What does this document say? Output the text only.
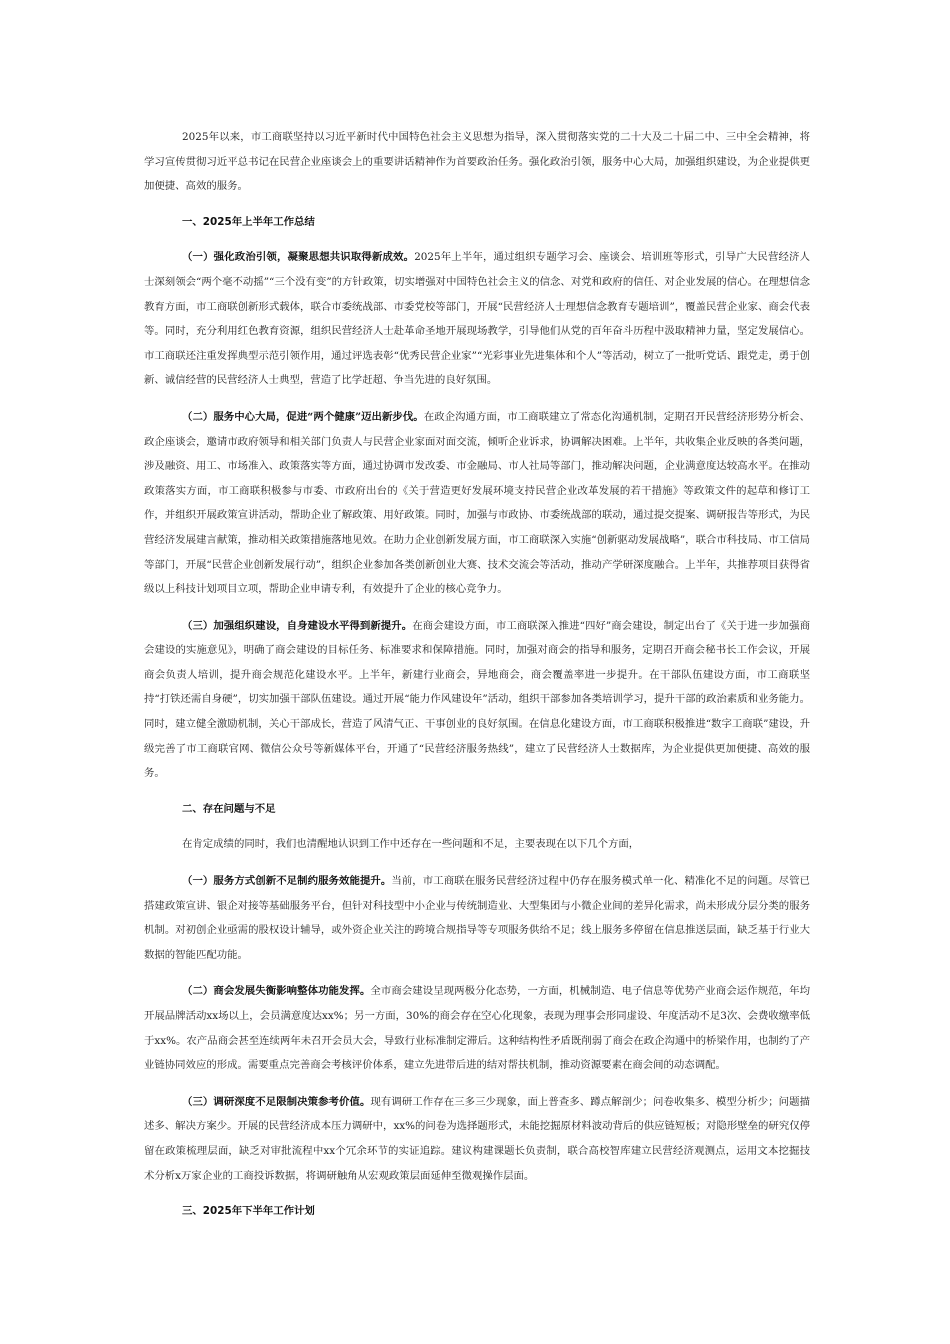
2025年以来，市工商联坚持以习近平新时代中国特色社会主义思想为指导，深入贯彻落实党的二十大及二十届二中、三中全会精神，将学习宣传贯彻习近平总书记在民营企业座谈会上的重要讲话精神作为首要政治任务。强化政治引领，服务中心大局，加强组织建设，为企业提供更加便捷、高效的服务。

一、2025年上半年工作总结

（一）强化政治引领，凝聚思想共识取得新成效。2025年上半年，通过组织专题学习会、座谈会、培训班等形式，引导广大民营经济人士深刻领会“两个毫不动摇”“三个没有变”的方针政策，切实增强对中国特色社会主义的信念、对党和政府的信任、对企业发展的信心。在理想信念教育方面，市工商联创新形式载体，联合市委统战部、市委党校等部门，开展“民营经济人士理想信念教育专题培训”，覆盖民营企业家、商会代表等。同时，充分利用红色教育资源，组织民营经济人士赴革命圣地开展现场教学，引导他们从党的百年奋斗历程中汲取精神力量，坚定发展信心。市工商联还注重发挥典型示范引领作用，通过评选表彰“优秀民营企业家”“光彩事业先进集体和个人”等活动，树立了一批听党话、跟党走，勇于创新、诚信经营的民营经济人士典型，营造了比学赶超、争当先进的良好氛围。

（二）服务中心大局，促进“两个健康”迈出新步伐。在政企沟通方面，市工商联建立了常态化沟通机制，定期召开民营经济形势分析会、政企座谈会，邀请市政府领导和相关部门负责人与民营企业家面对面交流，倾听企业诉求，协调解决困难。上半年，共收集企业反映的各类问题，涉及融资、用工、市场准入、政策落实等方面，通过协调市发改委、市金融局、市人社局等部门，推动解决问题，企业满意度达较高水平。在推动政策落实方面，市工商联积极参与市委、市政府出台的《关于营造更好发展环境支持民营企业改革发展的若干措施》等政策文件的起草和修订工作，并组织开展政策宣讲活动，帮助企业了解政策、用好政策。同时，加强与市政协、市委统战部的联动，通过提交提案、调研报告等形式，为民营经济发展建言献策，推动相关政策措施落地见效。在助力企业创新发展方面，市工商联深入实施“创新驱动发展战略”，联合市科技局、市工信局等部门，开展“民营企业创新发展行动”，组织企业参加各类创新创业大赛、技术交流会等活动，推动产学研深度融合。上半年，共推荐项目获得省级以上科技计划项目立项，帮助企业申请专利，有效提升了企业的核心竞争力。

（三）加强组织建设，自身建设水平得到新提升。在商会建设方面，市工商联深入推进“四好”商会建设，制定出台了《关于进一步加强商会建设的实施意见》，明确了商会建设的目标任务、标准要求和保障措施。同时，加强对商会的指导和服务，定期召开商会秘书长工作会议，开展商会负责人培训，提升商会规范化建设水平。上半年，新建行业商会，异地商会，商会覆盖率进一步提升。在干部队伍建设方面，市工商联坚持“打铁还需自身硬”，切实加强干部队伍建设。通过开展“能力作风建设年”活动，组织干部参加各类培训学习，提升干部的政治素质和业务能力。同时，建立健全激励机制，关心干部成长，营造了风清气正、干事创业的良好氛围。在信息化建设方面，市工商联积极推进“数字工商联”建设，升级完善了市工商联官网、微信公众号等新媒体平台，开通了“民营经济服务热线”，建立了民营经济人士数据库，为企业提供更加便捷、高效的服务。

二、存在问题与不足

在肯定成绩的同时，我们也清醒地认识到工作中还存在一些问题和不足，主要表现在以下几个方面，

（一）服务方式创新不足制约服务效能提升。当前，市工商联在服务民营经济过程中仍存在服务模式单一化、精准化不足的问题。尽管已搭建政策宣讲、银企对接等基础服务平台，但针对科技型中小企业与传统制造业、大型集团与小微企业间的差异化需求，尚未形成分层分类的服务机制。对初创企业亟需的股权设计辅导，或外资企业关注的跨境合规指导等专项服务供给不足；线上服务多停留在信息推送层面，缺乏基于行业大数据的智能匹配功能。

（二）商会发展失衡影响整体功能发挥。全市商会建设呈现两极分化态势，一方面，机械制造、电子信息等优势产业商会运作规范，年均开展品牌活动xx场以上，会员满意度达xx%；另一方面，30%的商会存在空心化现象，表现为理事会形同虚设、年度活动不足3次、会费收缴率低于xx%。农产品商会甚至连续两年未召开会员大会，导致行业标准制定滞后。这种结构性矛盾既削弱了商会在政企沟通中的桥梁作用，也制约了产业链协同效应的形成。需要重点完善商会考核评价体系，建立先进带后进的结对帮扶机制，推动资源要素在商会间的动态调配。

（三）调研深度不足限制决策参考价值。现有调研工作存在三多三少现象，面上普查多、蹲点解剖少；问卷收集多、模型分析少；问题描述多、解决方案少。开展的民营经济成本压力调研中，xx%的问卷为选择题形式，未能挖掘原材料波动背后的供应链短板；对隐形壁垒的研究仅停留在政策梳理层面，缺乏对审批流程中xx个冗余环节的实证追踪。建议构建课题长负责制，联合高校智库建立民营经济观测点，运用文本挖掘技术分析x万家企业的工商投诉数据，将调研触角从宏观政策层面延伸至微观操作层面。

三、2025年下半年工作计划
